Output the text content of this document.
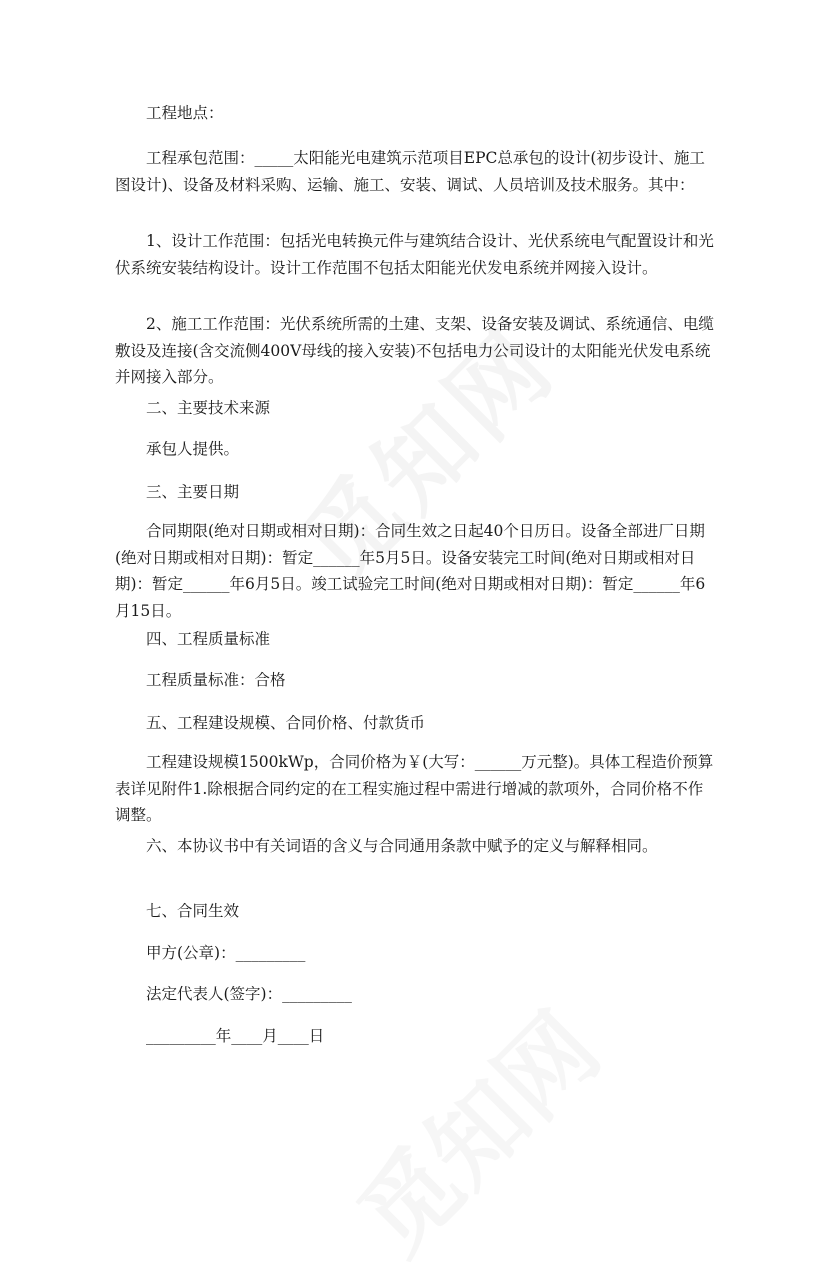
工程地点：

工程承包范围：_____太阳能光电建筑示范项目EPC总承包的设计(初步设计、施工图设计)、设备及材料采购、运输、施工、安装、调试、人员培训及技术服务。其中：

1、设计工作范围：包括光电转换元件与建筑结合设计、光伏系统电气配置设计和光伏系统安装结构设计。设计工作范围不包括太阳能光伏发电系统并网接入设计。

2、施工工作范围：光伏系统所需的土建、支架、设备安装及调试、系统通信、电缆敷设及连接(含交流侧400V母线的接入安装)不包括电力公司设计的太阳能光伏发电系统并网接入部分。

二、主要技术来源

承包人提供。

三、主要日期

合同期限(绝对日期或相对日期)：合同生效之日起40个日历日。设备全部进厂日期(绝对日期或相对日期)：暂定______年5月5日。设备安装完工时间(绝对日期或相对日期)：暂定______年6月5日。竣工试验完工时间(绝对日期或相对日期)：暂定______年6月15日。

四、工程质量标准

工程质量标准：合格

五、工程建设规模、合同价格、付款货币

工程建设规模1500kWp，合同价格为￥(大写：______万元整)。具体工程造价预算表详见附件1.除根据合同约定的在工程实施过程中需进行增减的款项外，合同价格不作调整。

六、本协议书中有关词语的含义与合同通用条款中赋予的定义与解释相同。

七、合同生效

甲方(公章)：_________

法定代表人(签字)：_________

_________年____月____日
